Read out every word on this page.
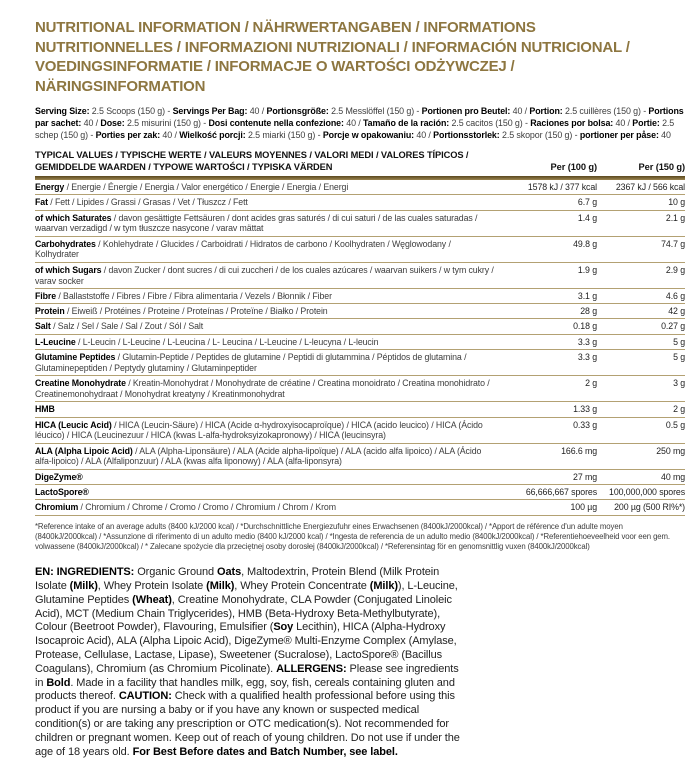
NUTRITIONAL INFORMATION / NÄHRWERTANGABEN / INFORMATIONS NUTRITIONNELLES / INFORMAZIONI NUTRIZIONALI / INFORMACIÓN NUTRICIONAL / VOEDINGSINFORMATIE / INFORMACJE O WARTOŚCI ODŻYWCZEJ / NÄRINGSINFORMATION

Serving Size: 2.5 Scoops (150 g) - Servings Per Bag: 40 / Portionsgröße: 2.5 Messlöffel (150 g) - Portionen pro Beutel: 40 / Portion: 2.5 cuillères (150 g) - Portions par sachet: 40 / Dose: 2.5 misurini (150 g) - Dosi contenute nella confezione: 40 / Tamaño de la ración: 2.5 cacitos (150 g) - Raciones por bolsa: 40 / Portie: 2.5 schep (150 g) - Porties per zak: 40 / Wielkość porcji: 2.5 miarki (150 g) - Porcje w opakowaniu: 40 / Portionsstorlek: 2.5 skopor (150 g) - portioner per påse: 40

TYPICAL VALUES / TYPISCHE WERTE / VALEURS MOYENNES / VALORI MEDI / VALORES TÍPICOS / GEMIDDELDE WAARDEN / TYPOWE WARTOŚCI / TYPISKA VÄRDEN	Per (100 g)	Per (150 g)
Energy / Energie / Énergie / Energia / Valor energético / Energie / Energia / Energi	1578 kJ / 377 kcal	2367 kJ / 566 kcal
Fat / Fett / Lipides / Grassi / Grasas / Vet / Tłuszcz / Fett	6.7 g	10 g
of which Saturates / davon gesättigte Fettsäuren / dont acides gras saturés / di cui saturi / de las cuales saturadas / waarvan verzadigd / w tym tłuszcze nasycone / varav mättat
1.4 g	2.1 g
Carbohydrates / Kohlehydrate / Glucides / Carboidrati / Hidratos de carbono / Koolhydraten / Węglowodany / Kolhydrater
49.8 g	74.7 g
of which Sugars / davon Zucker / dont sucres / di cui zuccheri / de los cuales azúcares / waarvan suikers / w tym cukry / varav socker
1.9 g	2.9 g
Fibre / Ballaststoffe / Fibres / Fibre / Fibra alimentaria / Vezels / Błonnik / Fiber	3.1 g	4.6 g
Protein / Eiweiß / Protéines / Proteine / Proteínas / Proteïne / Białko / Protein	28 g	42 g
Salt / Salz / Sel / Sale / Sal / Zout / Sól / Salt	0.18 g	0.27 g
L-Leucine / L-Leucin / L-Leucine / L-Leucina / L- Leucina / L-Leucine / L-leucyna / L-leucin	3.3 g	5 g
Glutamine Peptides / Glutamin-Peptide / Peptides de glutamine / Peptidi di glutammina / Péptidos de glutamina / Glutaminepeptiden / Peptydy glutaminy / Glutaminpeptider
3.3 g	5 g
Creatine Monohydrate / Kreatin-Monohydrat / Monohydrate de créatine / Creatina monoidrato / Creatina monohidrato / Creatinemonohydraat / Monohydrat kreatyny / Kreatinmonohydrat
2 g	3 g
HMB	1.33 g	2 g
HICA (Leucic Acid) / HICA (Leucin-Säure) / HICA (Acide α-hydroxyisocaproïque) / HICA (acido leucico) / HICA (Ácido léucico) / HICA (Leucinezuur / HICA (kwas L-alfa-hydroksyizokapronowy) / HICA (leucinsyra)
0.33 g	0.5 g
ALA (Alpha Lipoic Acid) / ALA (Alpha-Liponsäure) / ALA (Acide alpha-lipoïque) / ALA (acido alfa lipoico) / ALA (Ácido alfa-lipoico) / ALA (Alfaliponzuur) / ALA (kwas alfa liponowy) / ALA (alfa-liponsyra)
166.6 mg	250 mg
DigeZyme®	27 mg	40 mg
LactoSpore®	66,666,667 spores	100,000,000 spores
Chromium / Chromium / Chrome / Cromo / Cromo / Chromium / Chrom / Krom	100 µg	200 µg (500 RI%*)

*Reference intake of an average adults (8400 kJ/2000 kcal) / *Durchschnittliche Energiezufuhr eines Erwachsenen (8400kJ/2000kcal) / *Apport de référence d'un adulte moyen (8400kJ/2000kcal) / *Assunzione di riferimento di un adulto medio (8400 kJ/2000 kcal) / *Ingesta de referencia de un adulto medio (8400kJ/2000kcal) / *Referentiehoeveelheid voor een gem. volwassene (8400kJ/2000kcal) / * Zalecane spożycie dla przeciętnej osoby dorosłej (8400kJ/2000kcal) / *Referensintag för en genomsnittlig vuxen (8400kJ/2000kcal)

EN: INGREDIENTS: Organic Ground Oats, Maltodextrin, Protein Blend (Milk Protein Isolate (Milk), Whey Protein Isolate (Milk), Whey Protein Concentrate (Milk)), L-Leucine, Glutamine Peptides (Wheat), Creatine Monohydrate, CLA Powder (Conjugated Linoleic Acid), MCT (Medium Chain Triglycerides), HMB (Beta-Hydroxy Beta-Methylbutyrate), Colour (Beetroot Powder), Flavouring, Emulsifier (Soy Lecithin), HICA (Alpha-Hydroxy Isocaproic Acid), ALA (Alpha Lipoic Acid), DigeZyme® Multi-Enzyme Complex (Amylase, Protease, Cellulase, Lactase, Lipase), Sweetener (Sucralose), LactoSpore® (Bacillus Coagulans), Chromium (as Chromium Picolinate). ALLERGENS: Please see ingredients in Bold. Made in a facility that handles milk, egg, soy, fish, cereals containing gluten and products thereof. CAUTION: Check with a qualified health professional before using this product if you are nursing a baby or if you have any known or suspected medical condition(s) or are taking any prescription or OTC medication(s). Not recommended for children or pregnant women. Keep out of reach of young children. Do not use if under the age of 18 years old. For Best Before dates and Batch Number, see label.
